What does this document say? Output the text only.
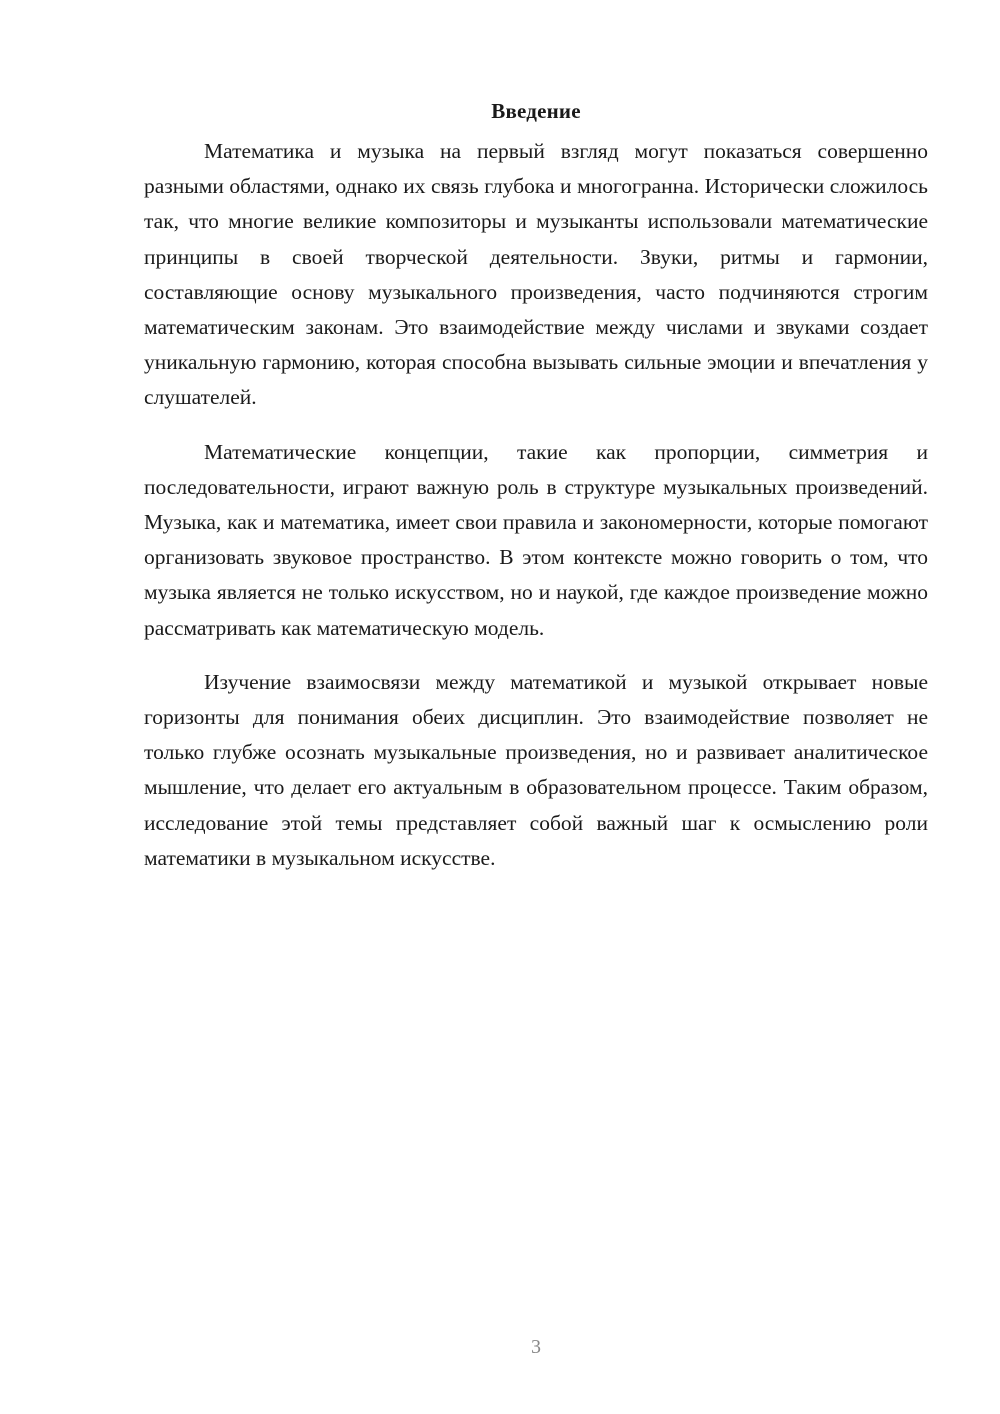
Введение

Математика и музыка на первый взгляд могут показаться совершенно разными областями, однако их связь глубока и многогранна. Исторически сложилось так, что многие великие композиторы и музыканты использовали математические принципы в своей творческой деятельности. Звуки, ритмы и гармонии, составляющие основу музыкального произведения, часто подчиняются строгим математическим законам. Это взаимодействие между числами и звуками создает уникальную гармонию, которая способна вызывать сильные эмоции и впечатления у слушателей.

Математические концепции, такие как пропорции, симметрия и последовательности, играют важную роль в структуре музыкальных произведений. Музыка, как и математика, имеет свои правила и закономерности, которые помогают организовать звуковое пространство. В этом контексте можно говорить о том, что музыка является не только искусством, но и наукой, где каждое произведение можно рассматривать как математическую модель.

Изучение взаимосвязи между математикой и музыкой открывает новые горизонты для понимания обеих дисциплин. Это взаимодействие позволяет не только глубже осознать музыкальные произведения, но и развивает аналитическое мышление, что делает его актуальным в образовательном процессе. Таким образом, исследование этой темы представляет собой важный шаг к осмыслению роли математики в музыкальном искусстве.

3
